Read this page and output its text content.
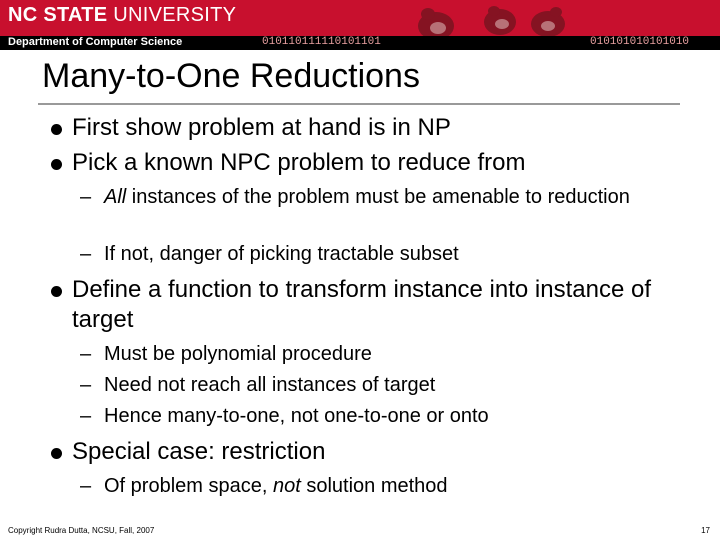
NC STATE UNIVERSITY
Department of Computer Science	010110111110101101	010101010101010
Many-to-One Reductions
First show problem at hand is in NP
Pick a known NPC problem to reduce from
– All instances of the problem must be amenable to reduction
– If not, danger of picking tractable subset
Define a function to transform instance into instance of target
– Must be polynomial procedure
– Need not reach all instances of target
– Hence many-to-one, not one-to-one or onto
Special case: restriction
– Of problem space, not solution method
Copyright Rudra Dutta, NCSU, Fall, 2007	17
